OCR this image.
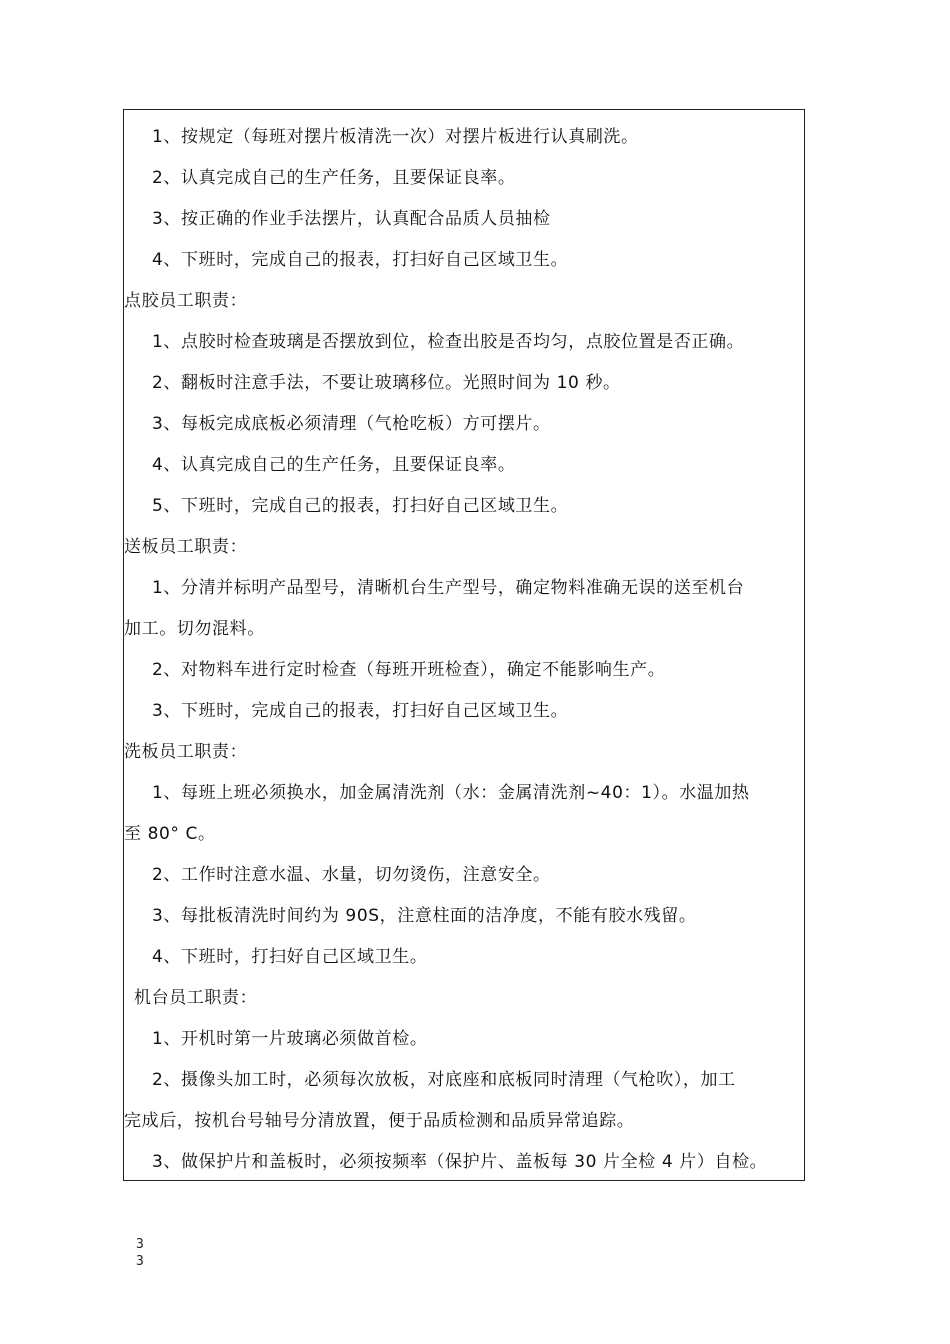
1、按规定（每班对摆片板清洗一次）对摆片板进行认真刷洗。
2、认真完成自己的生产任务，且要保证良率。
3、按正确的作业手法摆片，认真配合品质人员抽检
4、下班时，完成自己的报表，打扫好自己区域卫生。
点胶员工职责：
1、点胶时检查玻璃是否摆放到位，检查出胶是否均匀，点胶位置是否正确。
2、翻板时注意手法，不要让玻璃移位。光照时间为 10 秒。
3、每板完成底板必须清理（气枪吃板）方可摆片。
4、认真完成自己的生产任务，且要保证良率。
5、下班时，完成自己的报表，打扫好自己区域卫生。
送板员工职责：
1、分清并标明产品型号，清晰机台生产型号，确定物料准确无误的送至机台
加工。切勿混料。
2、对物料车进行定时检查（每班开班检查），确定不能影响生产。
3、下班时，完成自己的报表，打扫好自己区域卫生。
洗板员工职责：
1、每班上班必须换水，加金属清洗剂（水：金属清洗剂~40：1）。水温加热
至 80° C。
2、工作时注意水温、水量，切勿烫伤，注意安全。
3、每批板清洗时间约为 90S，注意柱面的洁净度，不能有胶水残留。
4、下班时，打扫好自己区域卫生。
机台员工职责：
1、开机时第一片玻璃必须做首检。
2、摄像头加工时，必须每次放板，对底座和底板同时清理（气枪吹），加工
完成后，按机台号轴号分清放置，便于品质检测和品质异常追踪。
3、做保护片和盖板时，必须按频率（保护片、盖板每 30 片全检 4 片）自检。
3
3
